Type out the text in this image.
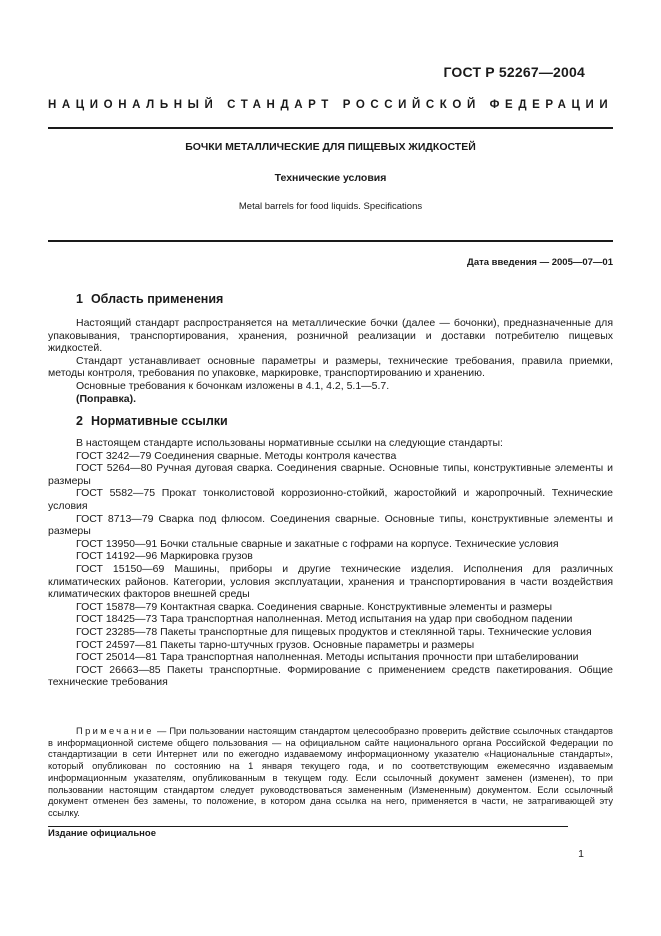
ГОСТ Р 52267—2004
НАЦИОНАЛЬНЫЙ СТАНДАРТ РОССИЙСКОЙ ФЕДЕРАЦИИ
БОЧКИ МЕТАЛЛИЧЕСКИЕ ДЛЯ ПИЩЕВЫХ ЖИДКОСТЕЙ
Технические условия
Metal barrels for food liquids. Specifications
Дата введения — 2005—07—01
1 Область применения

Настоящий стандарт распространяется на металлические бочки (далее — бочонки), предназначенные для упаковывания, транспортирования, хранения, розничной реализации и доставки потребителю пищевых жидкостей.

Стандарт устанавливает основные параметры и размеры, технические требования, правила приемки, методы контроля, требования по упаковке, маркировке, транспортированию и хранению.

Основные требования к бочонкам изложены в 4.1, 4.2, 5.1—5.7.

(Поправка).

2 Нормативные ссылки

В настоящем стандарте использованы нормативные ссылки на следующие стандарты:

ГОСТ 3242—79 Соединения сварные. Методы контроля качества

ГОСТ 5264—80 Ручная дуговая сварка. Соединения сварные. Основные типы, конструктивные элементы и размеры

ГОСТ 5582—75 Прокат тонколистовой коррозионно-стойкий, жаростойкий и жаропрочный. Технические условия

ГОСТ 8713—79 Сварка под флюсом. Соединения сварные. Основные типы, конструктивные элементы и размеры

ГОСТ 13950—91 Бочки стальные сварные и закатные с гофрами на корпусе. Технические условия

ГОСТ 14192—96 Маркировка грузов

ГОСТ 15150—69 Машины, приборы и другие технические изделия. Исполнения для различных климатических районов. Категории, условия эксплуатации, хранения и транспортирования в части воздействия климатических факторов внешней среды

ГОСТ 15878—79 Контактная сварка. Соединения сварные. Конструктивные элементы и размеры

ГОСТ 18425—73 Тара транспортная наполненная. Метод испытания на удар при свободном падении

ГОСТ 23285—78 Пакеты транспортные для пищевых продуктов и стеклянной тары. Технические условия

ГОСТ 24597—81 Пакеты тарно-штучных грузов. Основные параметры и размеры

ГОСТ 25014—81 Тара транспортная наполненная. Методы испытания прочности при штабелировании

ГОСТ 26663—85 Пакеты транспортные. Формирование с применением средств пакетирования. Общие технические требования

Примечание — При пользовании настоящим стандартом целесообразно проверить действие ссылочных стандартов в информационной системе общего пользования — на официальном сайте национального органа Российской Федерации по стандартизации в сети Интернет или по ежегодно издаваемому информационному указателю «Национальные стандарты», который опубликован по состоянию на 1 января текущего года, и по соответствующим ежемесячно издаваемым информационным указателям, опубликованным в текущем году. Если ссылочный документ заменен (изменен), то при пользовании настоящим стандартом следует руководствоваться замененным (Измененным) документом. Если ссылочный документ отменен без замены, то положение, в котором дана ссылка на него, применяется в части, не затрагивающей эту ссылку.

Издание официальное
1
